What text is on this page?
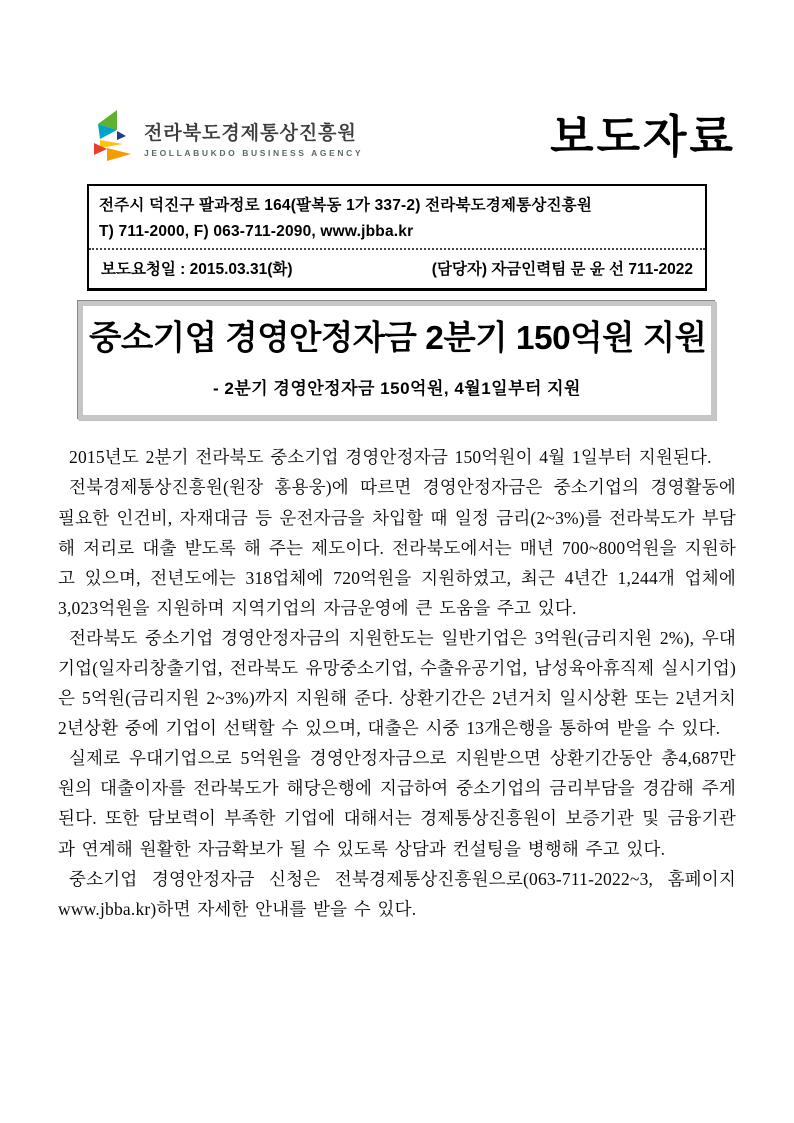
전라북도경제통상진흥원
JEOLLABUKDO BUSINESS AGENCY	보도자료
전주시 덕진구 팔과정로 164(팔복동 1가 337-2) 전라북도경제통상진흥원
T) 711-2000, F) 063-711-2090, www.jbba.kr
보도요청일 : 2015.03.31(화)	(담당자) 자금인력팀 문 윤 선 711-2022
중소기업 경영안정자금 2분기 150억원 지원
- 2분기 경영안정자금 150억원, 4월1일부터 지원

2015년도 2분기 전라북도 중소기업 경영안정자금 150억원이 4월 1일부터 지원된다.

전북경제통상진흥원(원장 홍용웅)에 따르면 경영안정자금은 중소기업의 경영활동에 필요한 인건비, 자재대금 등 운전자금을 차입할 때 일정 금리(2~3%)를 전라북도가 부담해 저리로 대출 받도록 해 주는 제도이다. 전라북도에서는 매년 700~800억원을 지원하고 있으며, 전년도에는 318업체에 720억원을 지원하였고, 최근 4년간 1,244개 업체에 3,023억원을 지원하며 지역기업의 자금운영에 큰 도움을 주고 있다.

전라북도 중소기업 경영안정자금의 지원한도는 일반기업은 3억원(금리지원 2%), 우대기업(일자리창출기업, 전라북도 유망중소기업, 수출유공기업, 남성육아휴직제 실시기업)은 5억원(금리지원 2~3%)까지 지원해 준다. 상환기간은 2년거치 일시상환 또는 2년거치 2년상환 중에 기업이 선택할 수 있으며, 대출은 시중 13개은행을 통하여 받을 수 있다.

실제로 우대기업으로 5억원을 경영안정자금으로 지원받으면 상환기간동안 총4,687만원의 대출이자를 전라북도가 해당은행에 지급하여 중소기업의 금리부담을 경감해 주게 된다. 또한 담보력이 부족한 기업에 대해서는 경제통상진흥원이 보증기관 및 금융기관과 연계해 원활한 자금확보가 될 수 있도록 상담과 컨설팅을 병행해 주고 있다.

중소기업 경영안정자금 신청은 전북경제통상진흥원으로(063-711-2022~3, 홈페이지 www.jbba.kr)하면 자세한 안내를 받을 수 있다.
